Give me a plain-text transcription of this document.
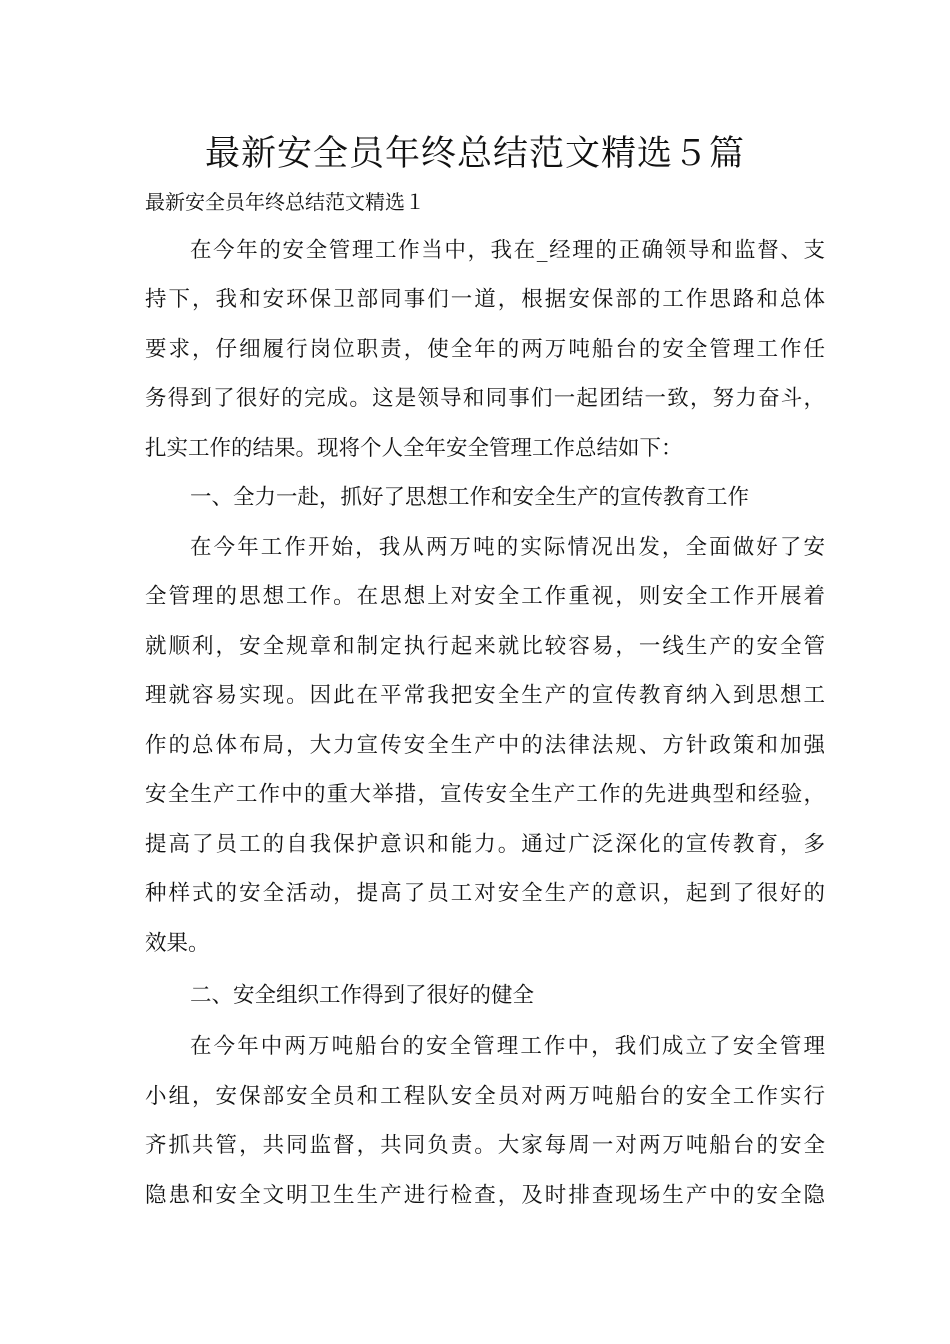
最新安全员年终总结范文精选５篇
最新安全员年终总结范文精选１
在今年的安全管理工作当中，我在_经理的正确领导和监督、支
持下，我和安环保卫部同事们一道，根据安保部的工作思路和总体
要求，仔细履行岗位职责，使全年的两万吨船台的安全管理工作任
务得到了很好的完成。这是领导和同事们一起团结一致，努力奋斗，
扎实工作的结果。现将个人全年安全管理工作总结如下：
一、全力一赴，抓好了思想工作和安全生产的宣传教育工作
在今年工作开始，我从两万吨的实际情况出发，全面做好了安
全管理的思想工作。在思想上对安全工作重视，则安全工作开展着
就顺利，安全规章和制定执行起来就比较容易，一线生产的安全管
理就容易实现。因此在平常我把安全生产的宣传教育纳入到思想工
作的总体布局，大力宣传安全生产中的法律法规、方针政策和加强
安全生产工作中的重大举措，宣传安全生产工作的先进典型和经验，
提高了员工的自我保护意识和能力。通过广泛深化的宣传教育，多
种样式的安全活动，提高了员工对安全生产的意识，起到了很好的
效果。
二、安全组织工作得到了很好的健全
在今年中两万吨船台的安全管理工作中，我们成立了安全管理
小组，安保部安全员和工程队安全员对两万吨船台的安全工作实行
齐抓共管，共同监督，共同负责。大家每周一对两万吨船台的安全
隐患和安全文明卫生生产进行检查，及时排查现场生产中的安全隐
